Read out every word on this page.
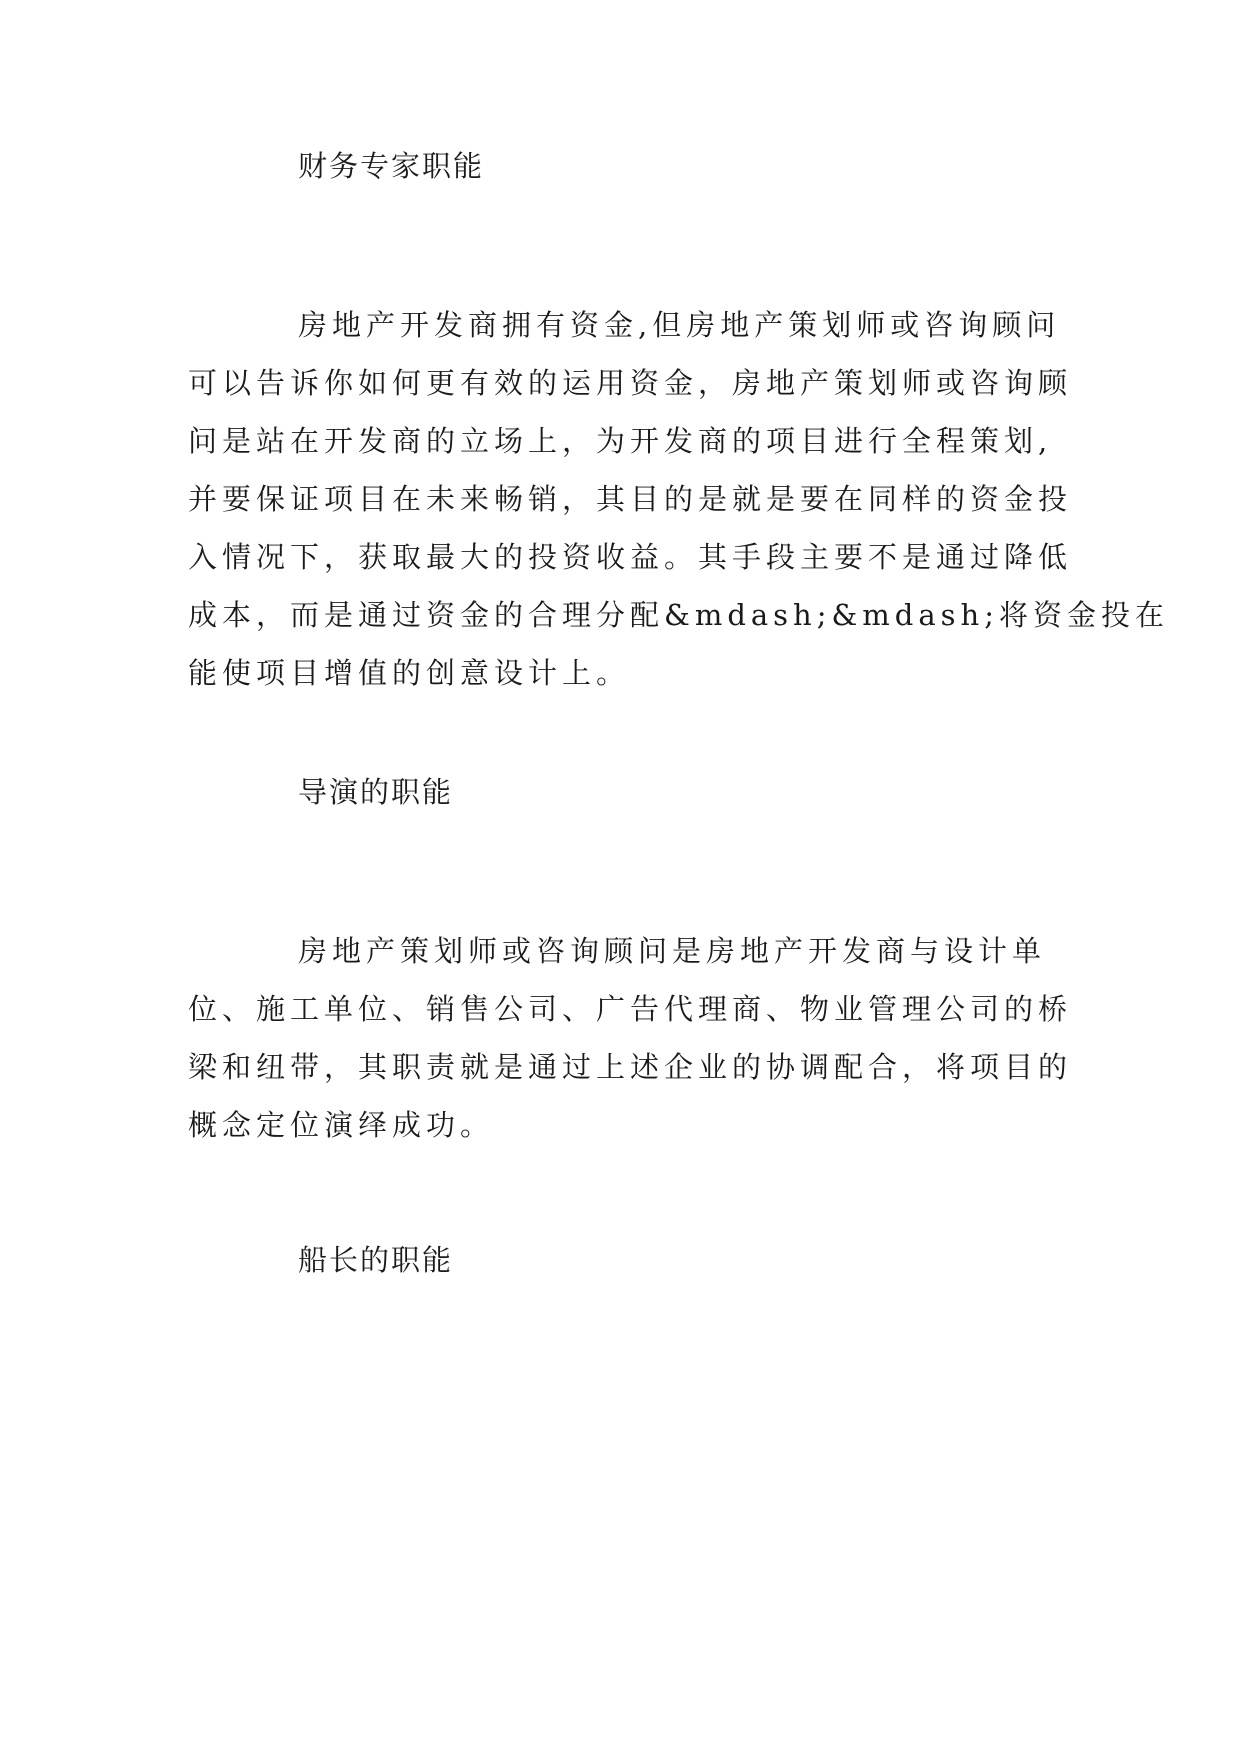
财务专家职能
房地产开发商拥有资金,但房地产策划师或咨询顾问
可以告诉你如何更有效的运用资金，房地产策划师或咨询顾
问是站在开发商的立场上，为开发商的项目进行全程策划,
并要保证项目在未来畅销，其目的是就是要在同样的资金投
入情况下，获取最大的投资收益。其手段主要不是通过降低
成本，而是通过资金的合理分配&mdash;&mdash;将资金投在
能使项目增值的创意设计上。
导演的职能
房地产策划师或咨询顾问是房地产开发商与设计单
位、施工单位、销售公司、广告代理商、物业管理公司的桥
梁和纽带，其职责就是通过上述企业的协调配合，将项目的
概念定位演绎成功。
船长的职能
